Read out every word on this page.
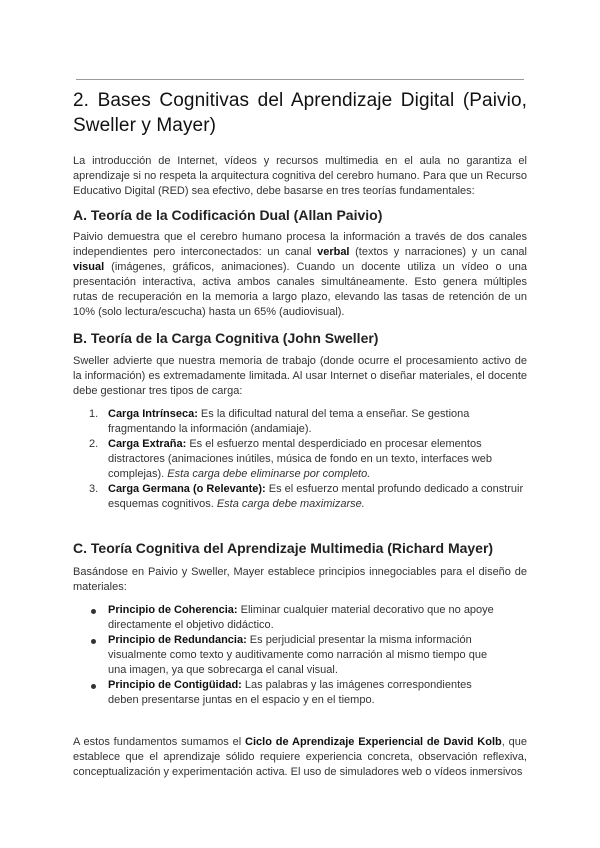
2. Bases Cognitivas del Aprendizaje Digital (Paivio, Sweller y Mayer)

La introducción de Internet, vídeos y recursos multimedia en el aula no garantiza el aprendizaje si no respeta la arquitectura cognitiva del cerebro humano. Para que un Recurso Educativo Digital (RED) sea efectivo, debe basarse en tres teorías fundamentales:

A. Teoría de la Codificación Dual (Allan Paivio)

Paivio demuestra que el cerebro humano procesa la información a través de dos canales independientes pero interconectados: un canal verbal (textos y narraciones) y un canal visual (imágenes, gráficos, animaciones). Cuando un docente utiliza un vídeo o una presentación interactiva, activa ambos canales simultáneamente. Esto genera múltiples rutas de recuperación en la memoria a largo plazo, elevando las tasas de retención de un 10% (solo lectura/escucha) hasta un 65% (audiovisual).

B. Teoría de la Carga Cognitiva (John Sweller)

Sweller advierte que nuestra memoria de trabajo (donde ocurre el procesamiento activo de la información) es extremadamente limitada. Al usar Internet o diseñar materiales, el docente debe gestionar tres tipos de carga:

1. Carga Intrínseca: Es la dificultad natural del tema a enseñar. Se gestiona fragmentando la información (andamiaje).
2. Carga Extraña: Es el esfuerzo mental desperdiciado en procesar elementos distractores (animaciones inútiles, música de fondo en un texto, interfaces web complejas). Esta carga debe eliminarse por completo.
3. Carga Germana (o Relevante): Es el esfuerzo mental profundo dedicado a construir esquemas cognitivos. Esta carga debe maximizarse.
C. Teoría Cognitiva del Aprendizaje Multimedia (Richard Mayer)

Basándose en Paivio y Sweller, Mayer establece principios innegociables para el diseño de materiales:

Principio de Coherencia: Eliminar cualquier material decorativo que no apoye directamente el objetivo didáctico.
Principio de Redundancia: Es perjudicial presentar la misma información visualmente como texto y auditivamente como narración al mismo tiempo que una imagen, ya que sobrecarga el canal visual.
Principio de Contigüidad: Las palabras y las imágenes correspondientes deben presentarse juntas en el espacio y en el tiempo.

A estos fundamentos sumamos el Ciclo de Aprendizaje Experiencial de David Kolb, que establece que el aprendizaje sólido requiere experiencia concreta, observación reflexiva, conceptualización y experimentación activa. El uso de simuladores web o vídeos inmersivos
